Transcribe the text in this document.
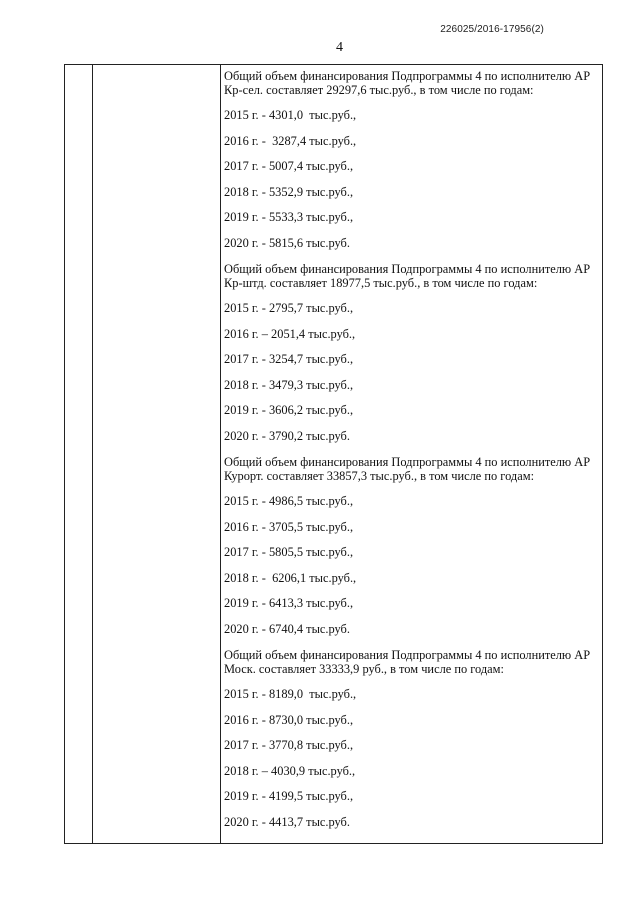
226025/2016-17956(2)
4

Общий объем финансирования Подпрограммы 4 по исполнителю АР Кр-сел. составляет 29297,6 тыс.руб., в том числе по годам:

2015 г. - 4301,0  тыс.руб.,

2016 г. -  3287,4 тыс.руб.,

2017 г. - 5007,4 тыс.руб.,

2018 г. - 5352,9 тыс.руб.,

2019 г. - 5533,3 тыс.руб.,

2020 г. - 5815,6 тыс.руб.

Общий объем финансирования Подпрограммы 4 по исполнителю АР Кр-штд. составляет 18977,5 тыс.руб., в том числе по годам:

2015 г. - 2795,7 тыс.руб.,

2016 г. – 2051,4 тыс.руб.,

2017 г. - 3254,7 тыс.руб.,

2018 г. - 3479,3 тыс.руб.,

2019 г. - 3606,2 тыс.руб.,

2020 г. - 3790,2 тыс.руб.

Общий объем финансирования Подпрограммы 4 по исполнителю АР Курорт. составляет 33857,3 тыс.руб., в том числе по годам:

2015 г. - 4986,5 тыс.руб.,

2016 г. - 3705,5 тыс.руб.,

2017 г. - 5805,5 тыс.руб.,

2018 г. -  6206,1 тыс.руб.,

2019 г. - 6413,3 тыс.руб.,

2020 г. - 6740,4 тыс.руб.

Общий объем финансирования Подпрограммы 4 по исполнителю АР Моск. составляет 33333,9 руб., в том числе по годам:

2015 г. - 8189,0  тыс.руб.,

2016 г. - 8730,0 тыс.руб.,

2017 г. - 3770,8 тыс.руб.,

2018 г. – 4030,9 тыс.руб.,

2019 г. - 4199,5 тыс.руб.,

2020 г. - 4413,7 тыс.руб.
